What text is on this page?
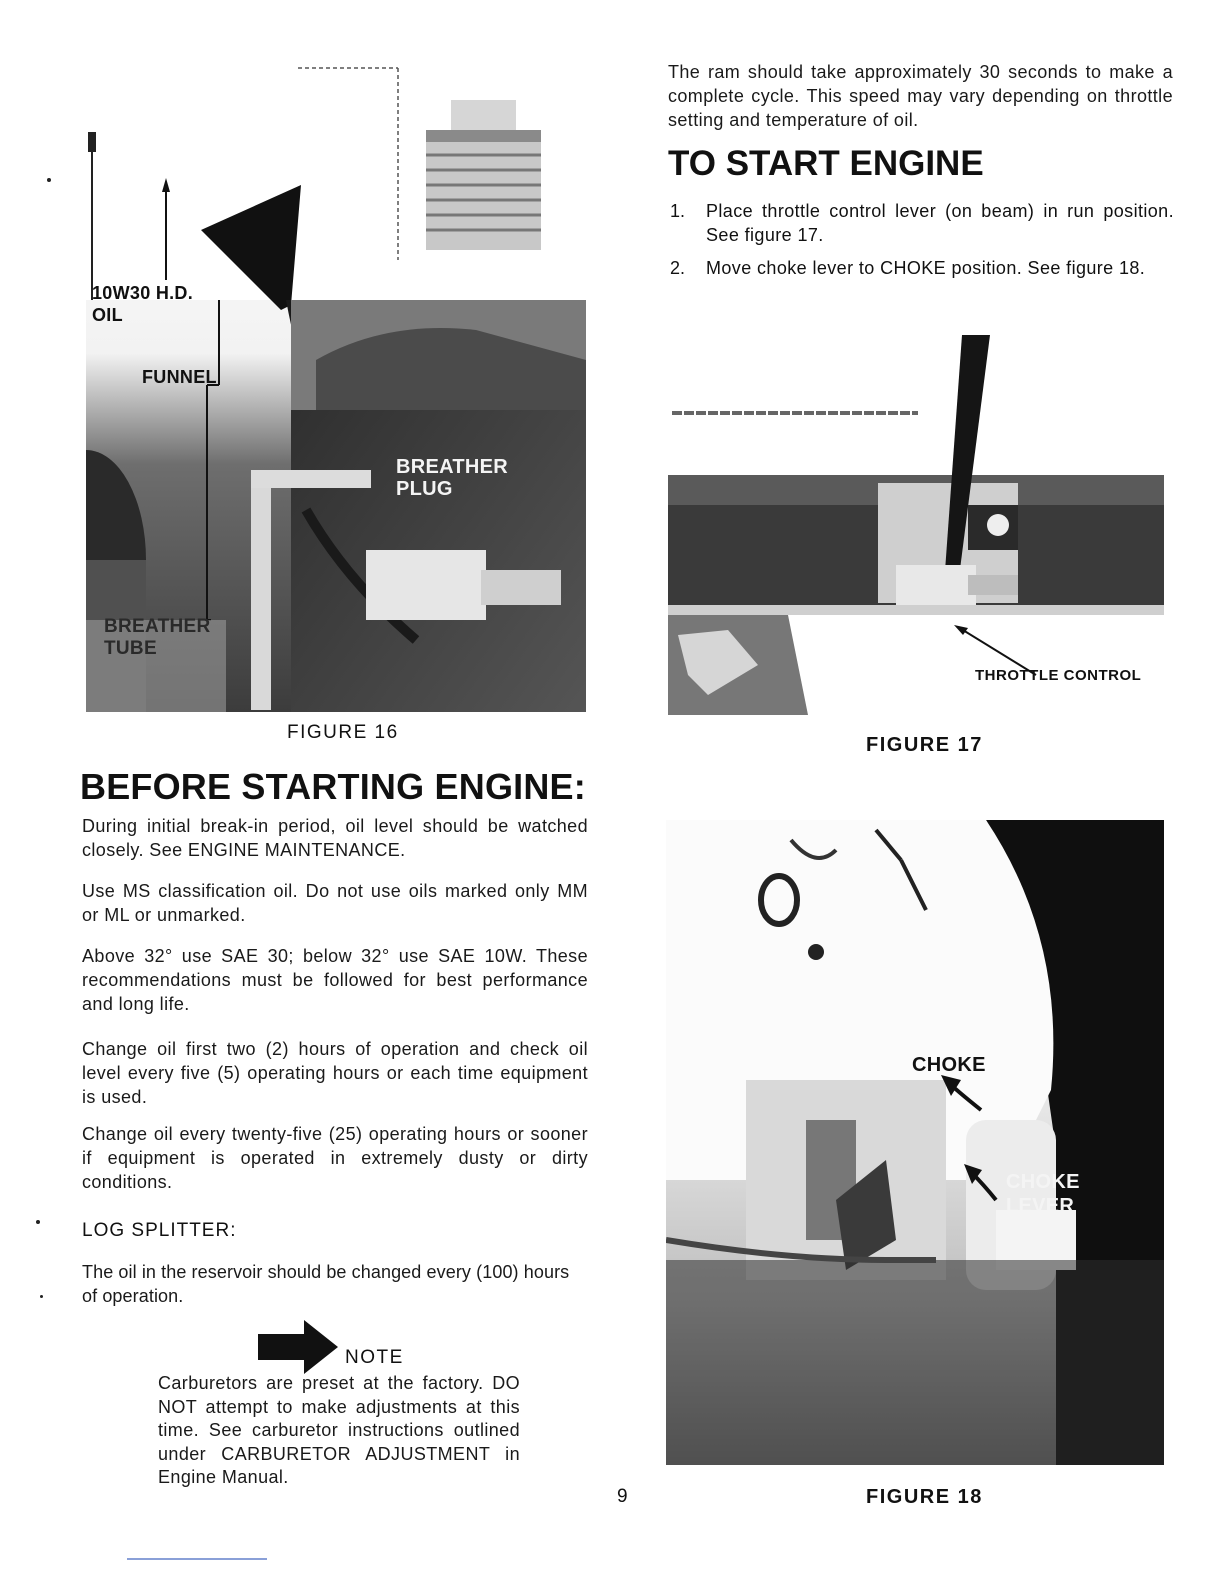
10W30 H.D.
OIL
FUNNEL
BREATHER
PLUG
BREATHER
TUBE
FIGURE 16
BEFORE STARTING ENGINE:
During initial break-in period, oil level should be watched closely. See ENGINE MAINTENANCE.
Use MS classification oil. Do not use oils marked only MM or ML or unmarked.
Above 32° use SAE 30; below 32° use SAE 10W. These recommendations must be followed for best performance and long life.
Change oil first two (2) hours of operation and check oil level every five (5) operating hours or each time equipment is used.
Change oil every twenty-five (25) operating hours or sooner if equipment is operated in extremely dusty or dirty conditions.
LOG SPLITTER:
The oil in the reservoir should be changed every (100) hours of operation.
NOTE
Carburetors are preset at the factory. DO NOT attempt to make adjustments at this time. See carburetor instructions outlined under CARBURETOR ADJUSTMENT in Engine Manual.
9
The ram should take approximately 30 seconds to make a complete cycle. This speed may vary depending on throttle setting and temperature of oil.
TO START ENGINE
1. Place throttle control lever (on beam) in run position. See figure 17.
2. Move choke lever to CHOKE position. See figure 18.
THROTTLE CONTROL
FIGURE 17
CHOKE
CHOKE
LEVER
FIGURE 18
